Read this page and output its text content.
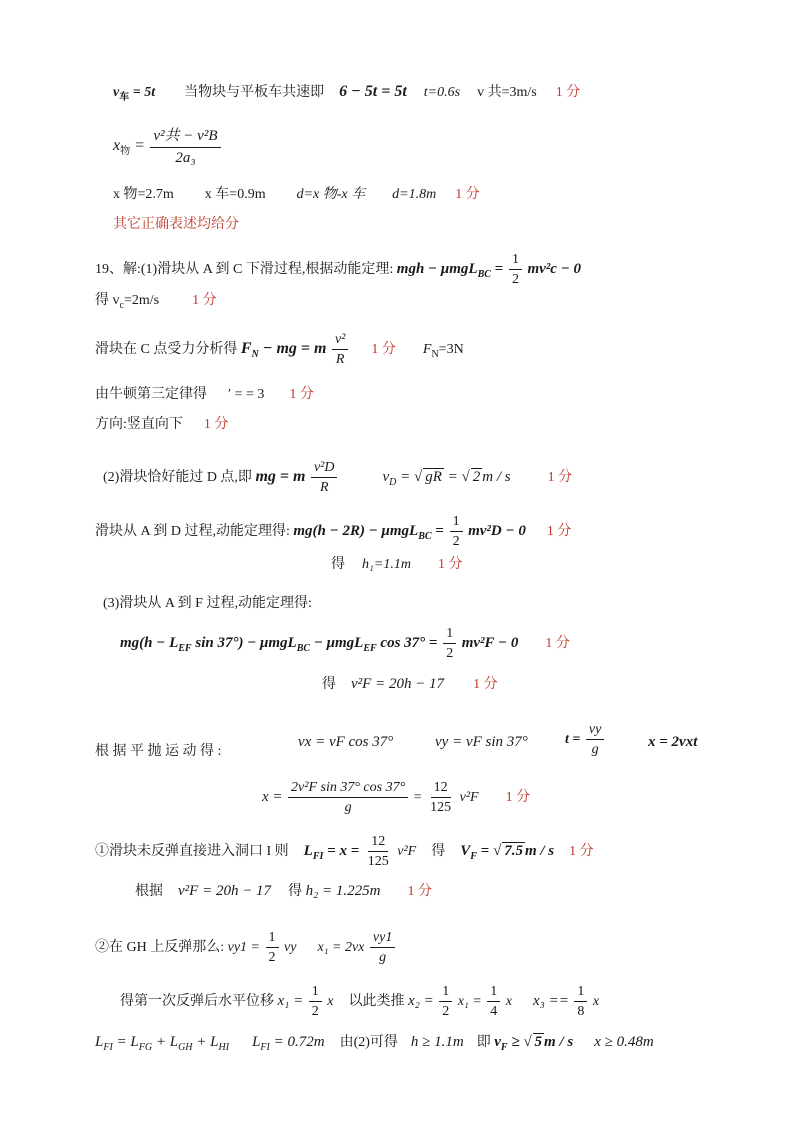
$v_车 = 5t$ 当物块与平板车共速即 6 − 5t = 5t t=0.6s v 共=3m/s 1 分
$x_物 = \frac{\text{v²共 − v²B}}{\text{2a₃}}$
x 物=2.7m x 车=0.9m d=x 物-x 车 d=1.8m 1 分
其它正确表述均给分
19、解:(1)滑块从 A 到 C 下滑过程,根据动能定理: mgh − $\mu mgL_{BC} = \frac{1}{2} mv^2c - 0$
得 $v_c=2m/s$ 1 分
滑块在 C 点受力分析得 $F_N$ − mg = m $\frac{\text{v²}}{R} 1$ 分 $F_N=3N$
由牛顿第三定律得 ′ = = 3 1 分
方向:竖直向下 1 分
(2)滑块恰好能过 D 点,即 mg = m $\frac{\text{v²D}}{R}$	$v_D$ = √ gR = √ 2 m / s	1 分
滑块从 A 到 D 过程,动能定理得: $mg(h - 2R) - \mu mgL_{BC} = \frac{1}{2} mv^2D - 0$ 1 分
得 h₁=1.1m 1 分
(3)滑块从 A 到 F 过程,动能定理得:
$mg(h - L_{EF}$ sin 37°) − μmgL$_{BC}$ − μmgL$_{EF}$ $\cos 37^\circ = \frac{1}{2} mv^2F - 0$ 1 分
得 v²F = 20h − 17 1 分
根 据 平 抛 运 动 得 :
vx = vF cos 37°	vy = vF sin 37°	$t = \frac{vy}{g}$	x = 2vxt
$x = \frac{\text{2v²F sin 37° cos 37°}}{g} = \frac{12}{125} v^2F$ 1 分
①滑块未反弹直接进入洞口 I 则 $L_{FI} = x = \frac{12}{125} v^2F$ 得 $V_F$ = √ 7.5 m / s 1 分
根据 v²F = 20h − 17 得 h₂ = 1.225m 1 分
②在 GH 上反弹那么: $vy1 = \frac{1}{2}$ vy $x_1 = 2vx \frac{vy1}{g}$
得第一次反弹后水平位移 $x_1 = \frac{1}{2}$ x 以此类推 $x_2 = \frac{1}{2} x_1 = \frac{1}{4}$ x $x_3 == \frac{1}{8}$ x
$L_{FI} = L_{FG} + L_{GH} + L_{HI}$ $L_{FI} = 0.72m$ 由(2)可得 h ≥ 1.1m 即 $v_F$ ≥ √ 5 m / s x ≥ 0.48m
